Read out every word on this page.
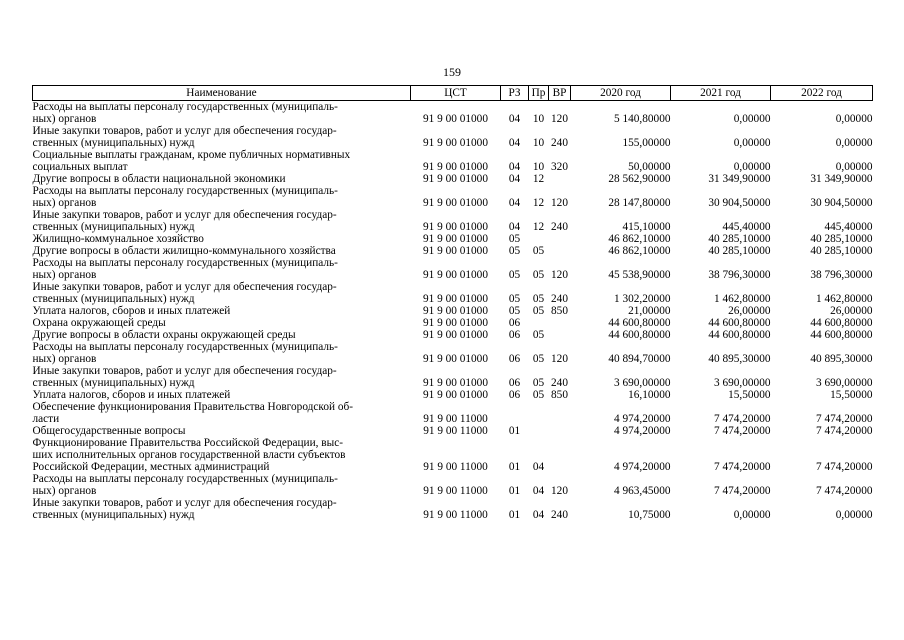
159
Наименование	ЦСТ	РЗ	Пр	ВР	2020 год	2021 год	2022 год
Расходы на выплаты персоналу государственных (муниципаль-
ных) органов	91 9 00 01000	04	10	120	5 140,80000	0,00000	0,00000
Иные закупки товаров, работ и услуг для обеспечения государ-
ственных (муниципальных) нужд	91 9 00 01000	04	10	240	155,00000	0,00000	0,00000
Социальные выплаты гражданам, кроме публичных нормативных
социальных выплат	91 9 00 01000	04	10	320	50,00000	0,00000	0,00000
Другие вопросы в области национальной экономики	91 9 00 01000	04	12		28 562,90000	31 349,90000	31 349,90000
Расходы на выплаты персоналу государственных (муниципаль-
ных) органов	91 9 00 01000	04	12	120	28 147,80000	30 904,50000	30 904,50000
Иные закупки товаров, работ и услуг для обеспечения государ-
ственных (муниципальных) нужд	91 9 00 01000	04	12	240	415,10000	445,40000	445,40000
Жилищно-коммунальное хозяйство	91 9 00 01000	05			46 862,10000	40 285,10000	40 285,10000
Другие вопросы в области жилищно-коммунального хозяйства	91 9 00 01000	05	05		46 862,10000	40 285,10000	40 285,10000
Расходы на выплаты персоналу государственных (муниципаль-
ных) органов	91 9 00 01000	05	05	120	45 538,90000	38 796,30000	38 796,30000
Иные закупки товаров, работ и услуг для обеспечения государ-
ственных (муниципальных) нужд	91 9 00 01000	05	05	240	1 302,20000	1 462,80000	1 462,80000
Уплата налогов, сборов и иных платежей	91 9 00 01000	05	05	850	21,00000	26,00000	26,00000
Охрана окружающей среды	91 9 00 01000	06			44 600,80000	44 600,80000	44 600,80000
Другие вопросы в области охраны окружающей среды	91 9 00 01000	06	05		44 600,80000	44 600,80000	44 600,80000
Расходы на выплаты персоналу государственных (муниципаль-
ных) органов	91 9 00 01000	06	05	120	40 894,70000	40 895,30000	40 895,30000
Иные закупки товаров, работ и услуг для обеспечения государ-
ственных (муниципальных) нужд	91 9 00 01000	06	05	240	3 690,00000	3 690,00000	3 690,00000
Уплата налогов, сборов и иных платежей	91 9 00 01000	06	05	850	16,10000	15,50000	15,50000
Обеспечение функционирования Правительства Новгородской об-
ласти	91 9 00 11000				4 974,20000	7 474,20000	7 474,20000
Общегосударственные вопросы	91 9 00 11000	01			4 974,20000	7 474,20000	7 474,20000
Функционирование Правительства Российской Федерации, выс-
ших исполнительных органов государственной власти субъектов
Российской Федерации, местных администраций	91 9 00 11000	01	04		4 974,20000	7 474,20000	7 474,20000
Расходы на выплаты персоналу государственных (муниципаль-
ных) органов	91 9 00 11000	01	04	120	4 963,45000	7 474,20000	7 474,20000
Иные закупки товаров, работ и услуг для обеспечения государ-
ственных (муниципальных) нужд	91 9 00 11000	01	04	240	10,75000	0,00000	0,00000
